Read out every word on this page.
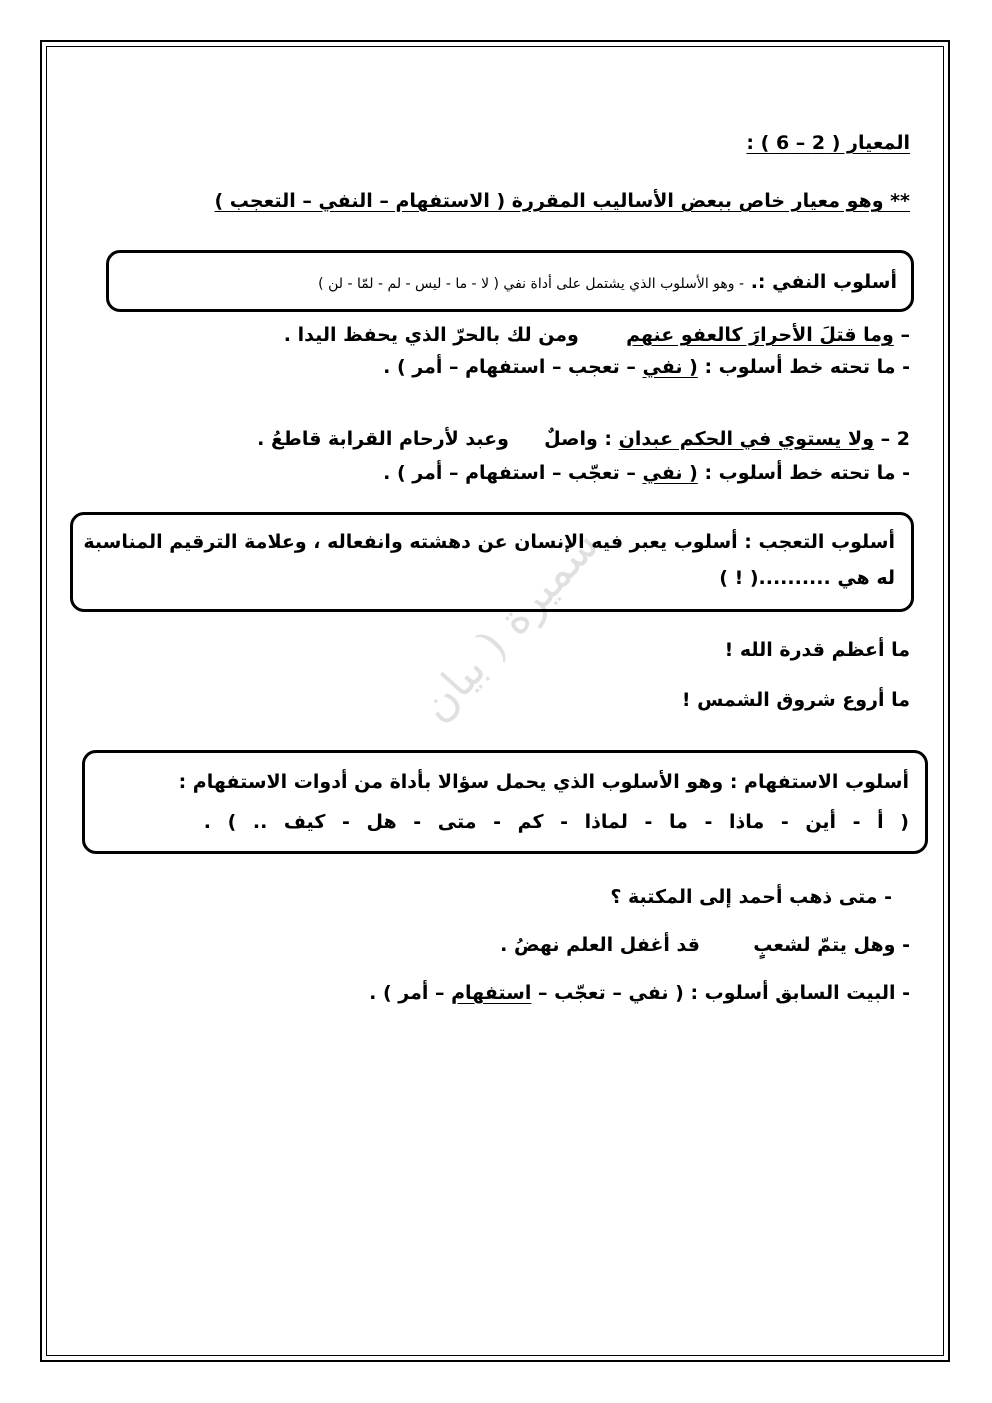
سميرة ( بيان
المعيار ( 2 – 6 ) :
** وهو معيار خاص ببعض الأساليب المقررة ( الاستفهام – النفي – التعجب )
أسلوب النفي :. - وهو الأسلوب الذي يشتمل على أداة نفي ( لا - ما - ليس - لم - لمّا - لن )
– وما قتلَ الأحرارَ كالعفو عنهم  ومن لك بالحرّ الذي يحفظ اليدا .
- ما تحته خط أسلوب : ( نفي – تعجب – استفهام – أمر ) .
2 – ولا يستوي في الحكم عبدان : واصلٌ  وعبد لأرحام القرابة قاطعُ .
- ما تحته خط أسلوب : ( نفي – تعجّب – استفهام – أمر ) .
أسلوب التعجب : أسلوب يعبر فيه الإنسان عن دهشته وانفعاله ، وعلامة الترقيم المناسبة
له هي ..........( ! )
ما أعظم قدرة الله !
ما أروع شروق الشمس !
أسلوب الاستفهام : وهو الأسلوب الذي يحمل سؤالا بأداة من أدوات الاستفهام :
( أ - أين - ماذا - ما - لماذا - كم - متى - هل - كيف .. ) .
- متى ذهب أحمد إلى المكتبة ؟
- وهل يتمّ لشعبٍ  قد أغفل العلم نهضُ .
- البيت السابق أسلوب : ( نفي – تعجّب – استفهام – أمر ) .
